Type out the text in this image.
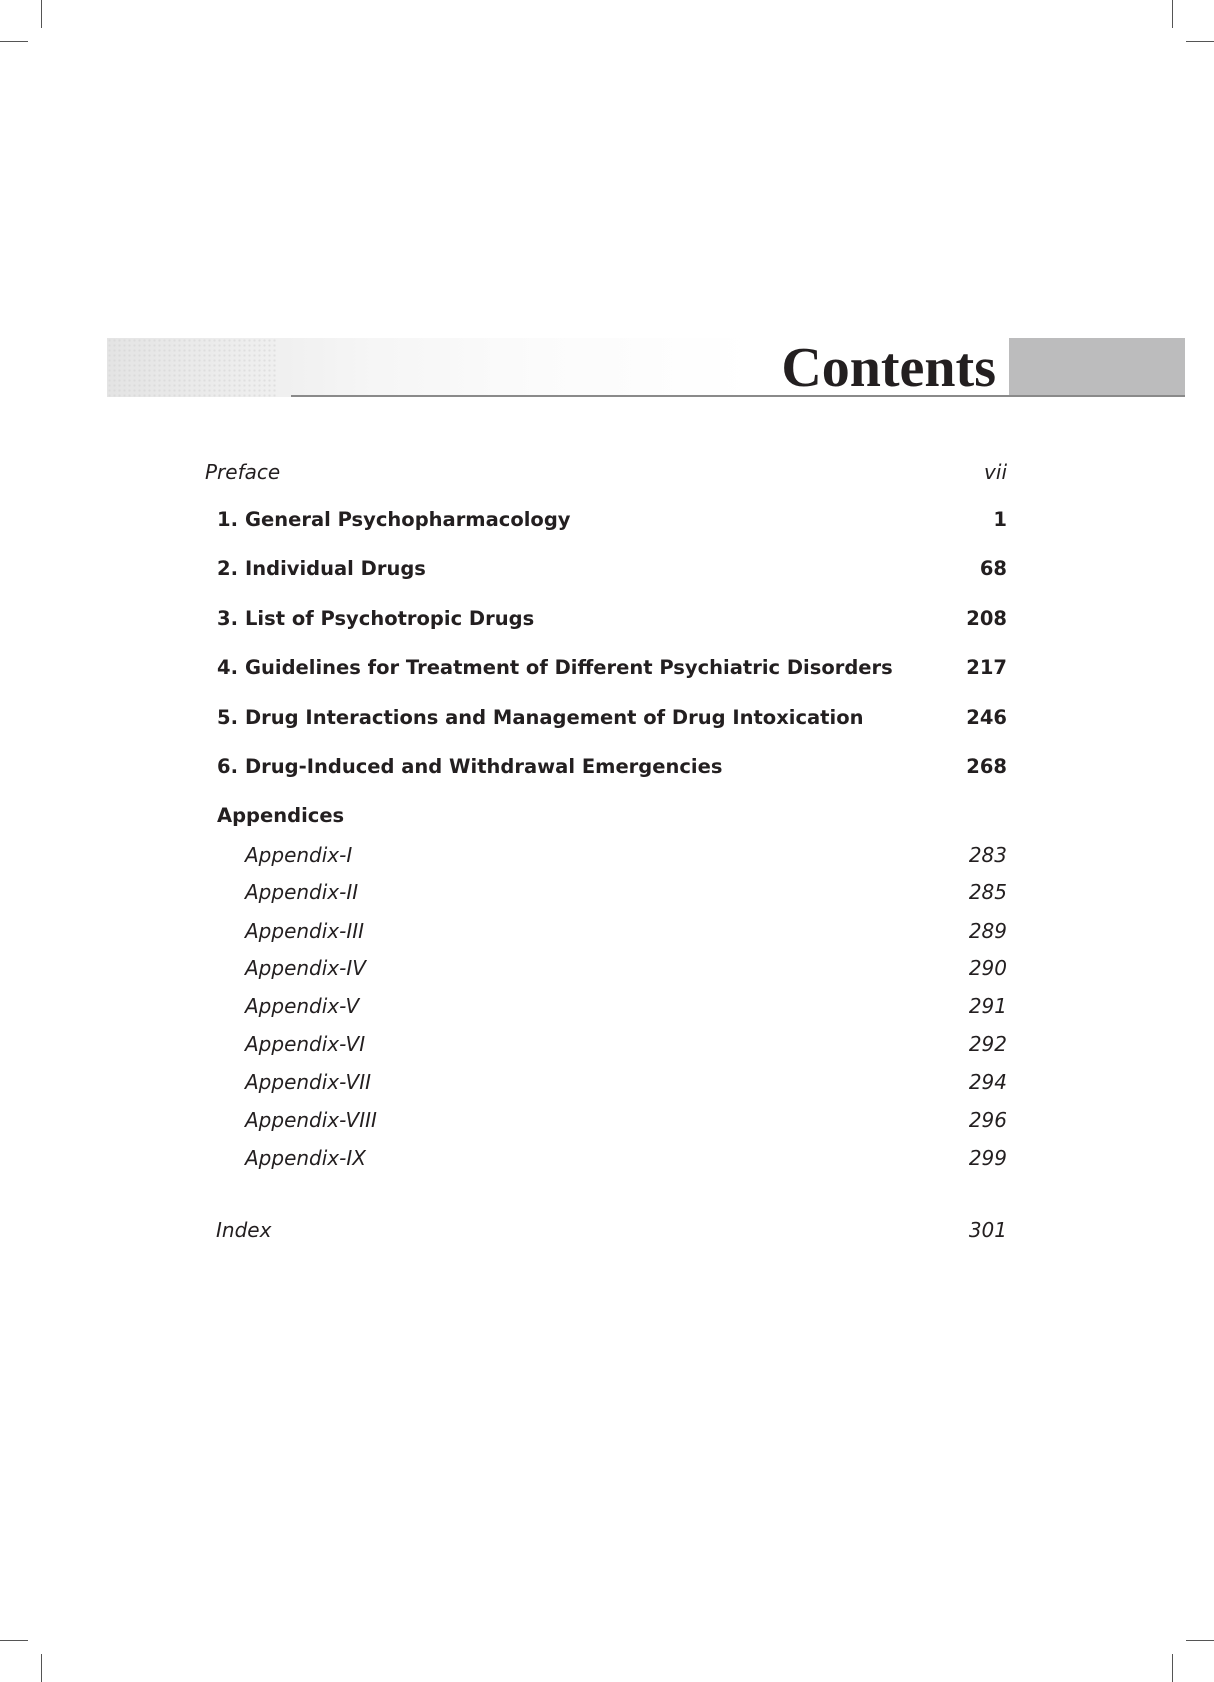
Contents
Preface	vii
1. General Psychopharmacology	1
2. Individual Drugs	68
3. List of Psychotropic Drugs	208
4. Guidelines for Treatment of Different Psychiatric Disorders	217
5. Drug Interactions and Management of Drug Intoxication	246
6. Drug-Induced and Withdrawal Emergencies	268
Appendices
Appendix-I	283
Appendix-II	285
Appendix-III	289
Appendix-IV	290
Appendix-V	291
Appendix-VI	292
Appendix-VII	294
Appendix-VIII	296
Appendix-IX	299
Index	301
